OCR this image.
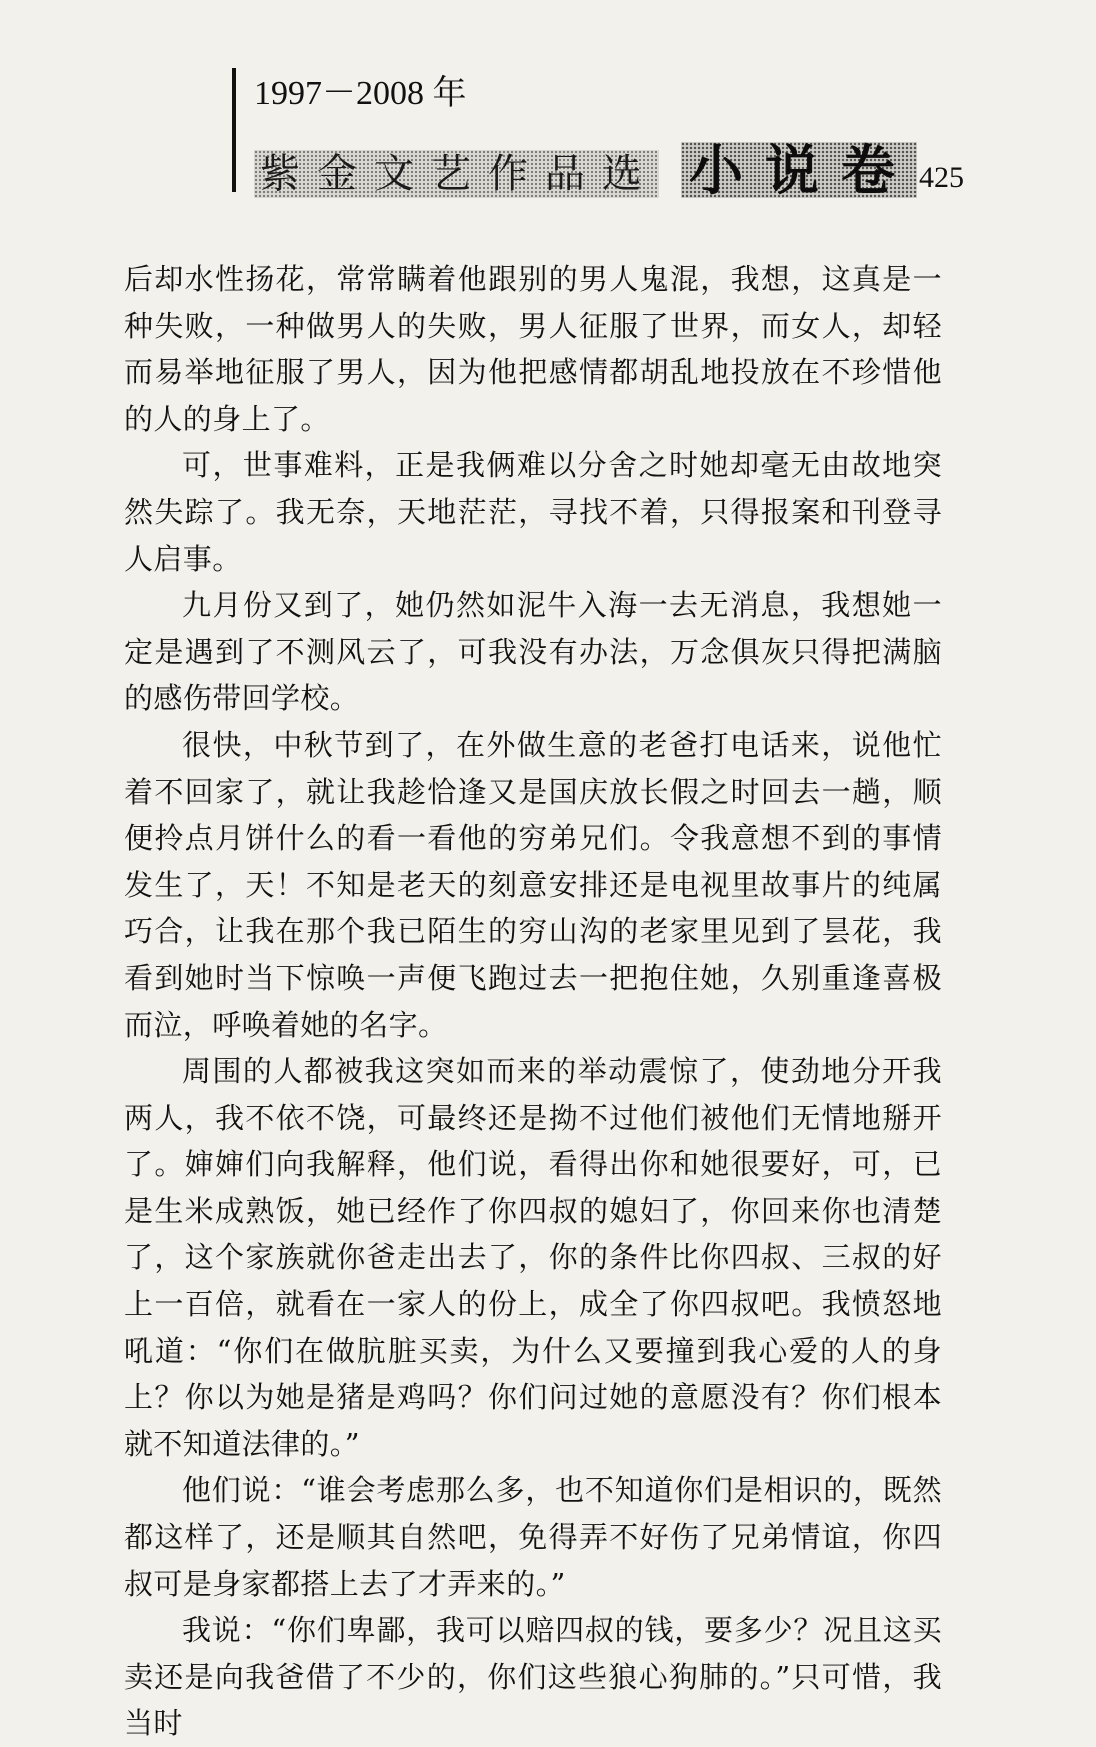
1997－2008 年
紫金文艺作品选 小说卷 425

后却水性扬花，常常瞒着他跟别的男人鬼混，我想，这真是一种失败，一种做男人的失败，男人征服了世界，而女人，却轻而易举地征服了男人，因为他把感情都胡乱地投放在不珍惜他的人的身上了。

可，世事难料，正是我俩难以分舍之时她却毫无由故地突然失踪了。我无奈，天地茫茫，寻找不着，只得报案和刊登寻人启事。

九月份又到了，她仍然如泥牛入海一去无消息，我想她一定是遇到了不测风云了，可我没有办法，万念俱灰只得把满脑的感伤带回学校。

很快，中秋节到了，在外做生意的老爸打电话来，说他忙着不回家了，就让我趁恰逢又是国庆放长假之时回去一趟，顺便拎点月饼什么的看一看他的穷弟兄们。令我意想不到的事情发生了，天！不知是老天的刻意安排还是电视里故事片的纯属巧合，让我在那个我已陌生的穷山沟的老家里见到了昙花，我看到她时当下惊唤一声便飞跑过去一把抱住她，久别重逢喜极而泣，呼唤着她的名字。

周围的人都被我这突如而来的举动震惊了，使劲地分开我两人，我不依不饶，可最终还是拗不过他们被他们无情地掰开了。婶婶们向我解释，他们说，看得出你和她很要好，可，已是生米成熟饭，她已经作了你四叔的媳妇了，你回来你也清楚了，这个家族就你爸走出去了，你的条件比你四叔、三叔的好上一百倍，就看在一家人的份上，成全了你四叔吧。我愤怒地吼道：“你们在做肮脏买卖，为什么又要撞到我心爱的人的身上？你以为她是猪是鸡吗？你们问过她的意愿没有？你们根本就不知道法律的。”

他们说：“谁会考虑那么多，也不知道你们是相识的，既然都这样了，还是顺其自然吧，免得弄不好伤了兄弟情谊，你四叔可是身家都搭上去了才弄来的。”

我说：“你们卑鄙，我可以赔四叔的钱，要多少？况且这买卖还是向我爸借了不少的，你们这些狼心狗肺的。”只可惜，我当时
